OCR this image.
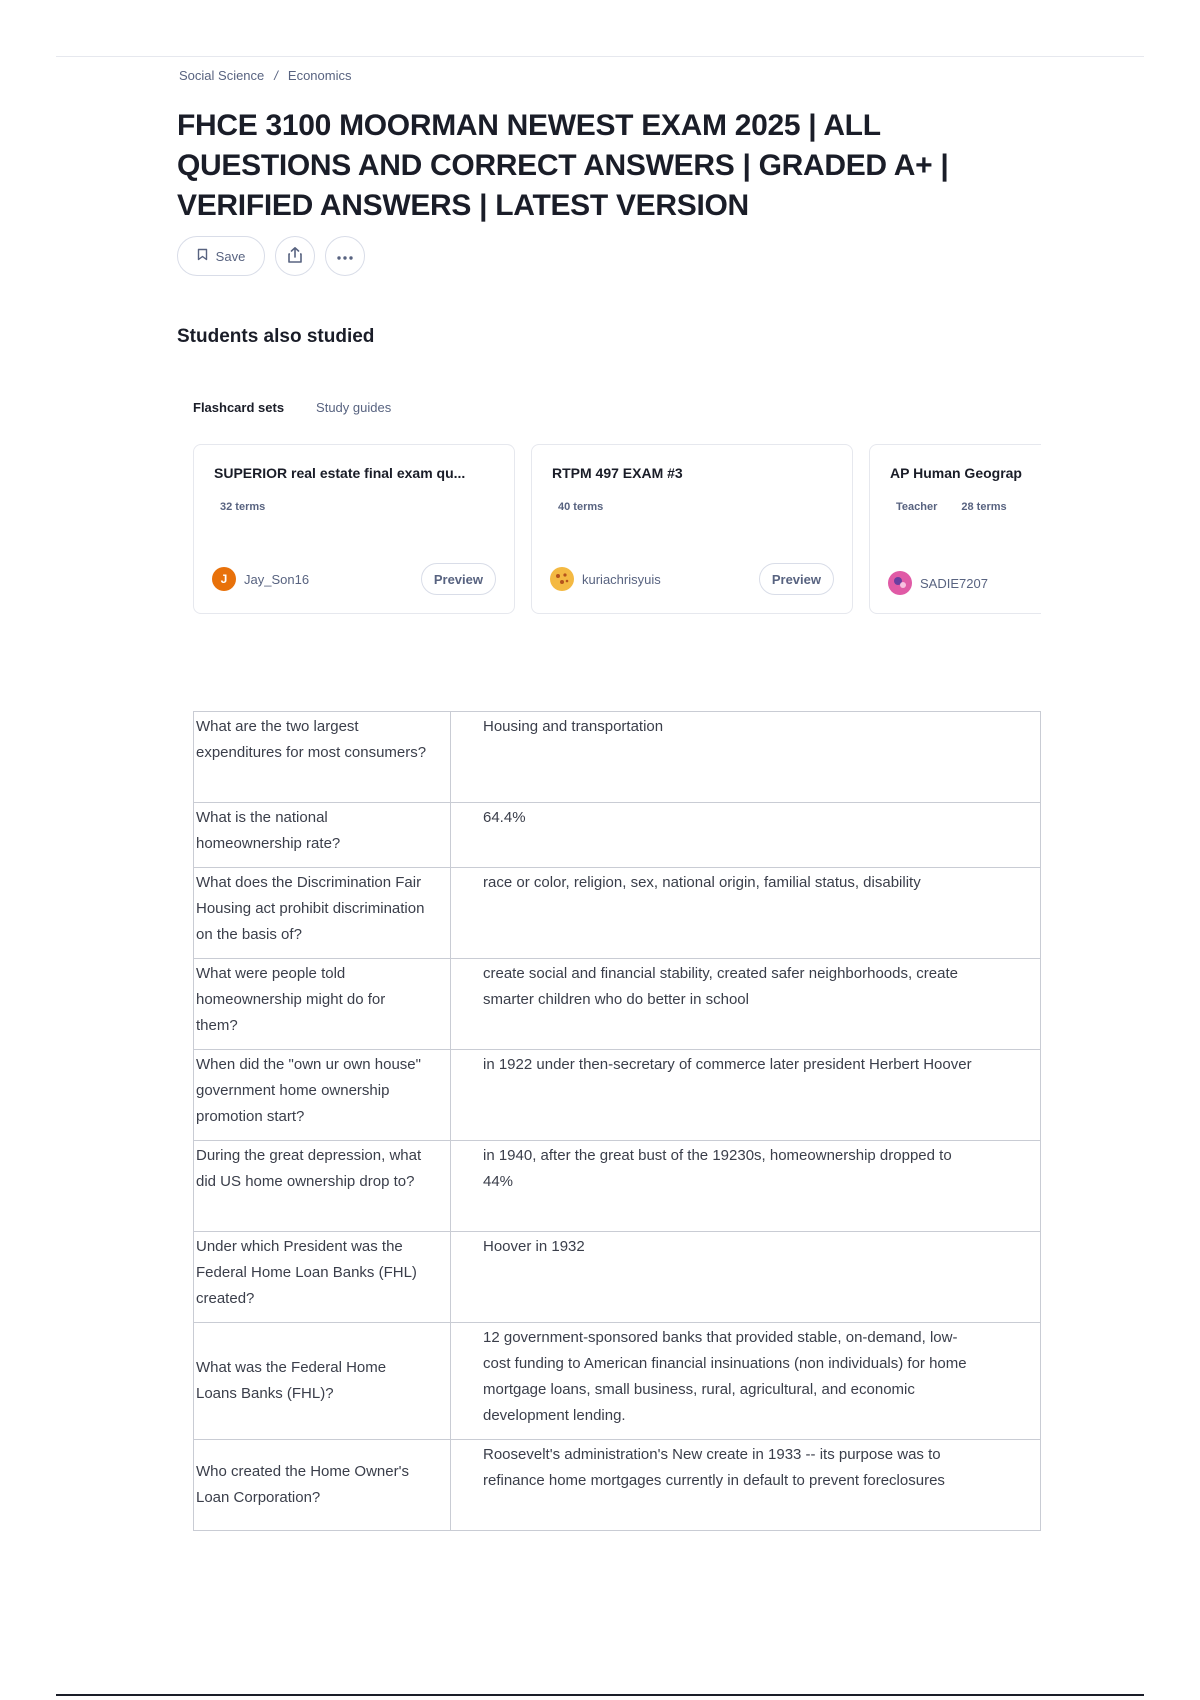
Social Science / Economics
FHCE 3100 MOORMAN NEWEST EXAM 2025 | ALL QUESTIONS AND CORRECT ANSWERS | GRADED A+ | VERIFIED ANSWERS | LATEST VERSION
Save
Students also studied
Flashcard sets Study guides
SUPERIOR real estate final exam qu...
32 terms
J	Jay_Son16	Preview
RTPM 497 EXAM #3
40 terms
kuriachrisyuis	Preview
AP Human Geograp
Teacher 28 terms
SADIE7207
What are the two largest expenditures for most consumers?	Housing and transportation
What is the national homeownership rate?	64.4%
What does the Discrimination Fair Housing act prohibit discrimination on the basis of?	race or color, religion, sex, national origin, familial status, disability
What were people told homeownership might do for them?	create social and financial stability, created safer neighborhoods, create smarter children who do better in school
When did the "own ur own house" government home ownership promotion start?	in 1922 under then-secretary of commerce later president Herbert Hoover
During the great depression, what did US home ownership drop to?	in 1940, after the great bust of the 19230s, homeownership dropped to 44%
Under which President was the Federal Home Loan Banks (FHL) created?	Hoover in 1932
What was the Federal Home Loans Banks (FHL)?	12 government-sponsored banks that provided stable, on-demand, low-cost funding to American financial insinuations (non individuals) for home mortgage loans, small business, rural, agricultural, and economic development lending.
Who created the Home Owner's Loan Corporation?	Roosevelt's administration's New create in 1933 -- its purpose was to refinance home mortgages currently in default to prevent foreclosures
